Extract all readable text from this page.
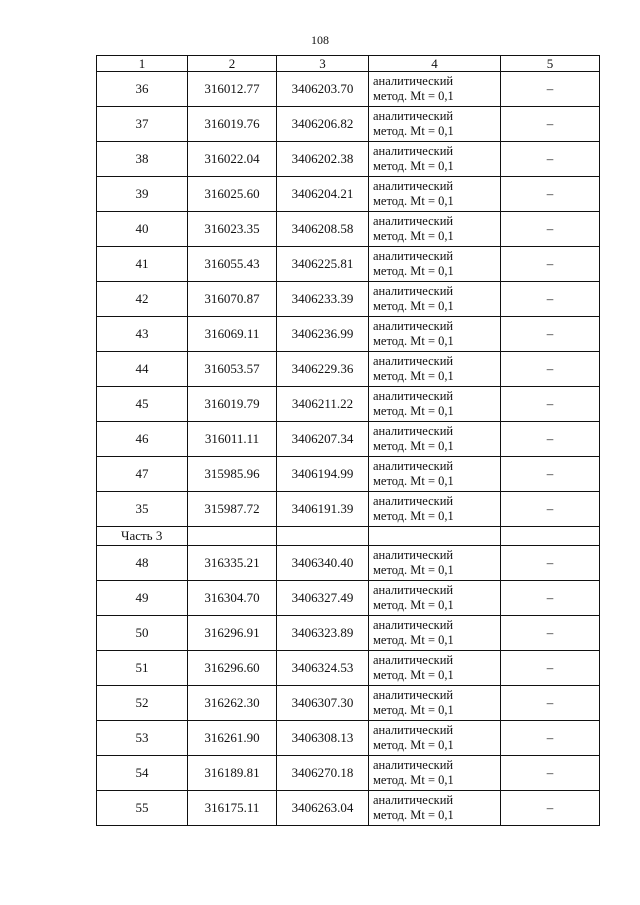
108
1	2	3	4	5
36	316012.77	3406203.70	аналитический
метод. Mt = 0,1	–
37	316019.76	3406206.82	аналитический
метод. Mt = 0,1	–
38	316022.04	3406202.38	аналитический
метод. Mt = 0,1	–
39	316025.60	3406204.21	аналитический
метод. Mt = 0,1	–
40	316023.35	3406208.58	аналитический
метод. Mt = 0,1	–
41	316055.43	3406225.81	аналитический
метод. Mt = 0,1	–
42	316070.87	3406233.39	аналитический
метод. Mt = 0,1	–
43	316069.11	3406236.99	аналитический
метод. Mt = 0,1	–
44	316053.57	3406229.36	аналитический
метод. Mt = 0,1	–
45	316019.79	3406211.22	аналитический
метод. Mt = 0,1	–
46	316011.11	3406207.34	аналитический
метод. Mt = 0,1	–
47	315985.96	3406194.99	аналитический
метод. Mt = 0,1	–
35	315987.72	3406191.39	аналитический
метод. Mt = 0,1	–
Часть 3				
48	316335.21	3406340.40	аналитический
метод. Mt = 0,1	–
49	316304.70	3406327.49	аналитический
метод. Mt = 0,1	–
50	316296.91	3406323.89	аналитический
метод. Mt = 0,1	–
51	316296.60	3406324.53	аналитический
метод. Mt = 0,1	–
52	316262.30	3406307.30	аналитический
метод. Mt = 0,1	–
53	316261.90	3406308.13	аналитический
метод. Mt = 0,1	–
54	316189.81	3406270.18	аналитический
метод. Mt = 0,1	–
55	316175.11	3406263.04	аналитический
метод. Mt = 0,1	–
